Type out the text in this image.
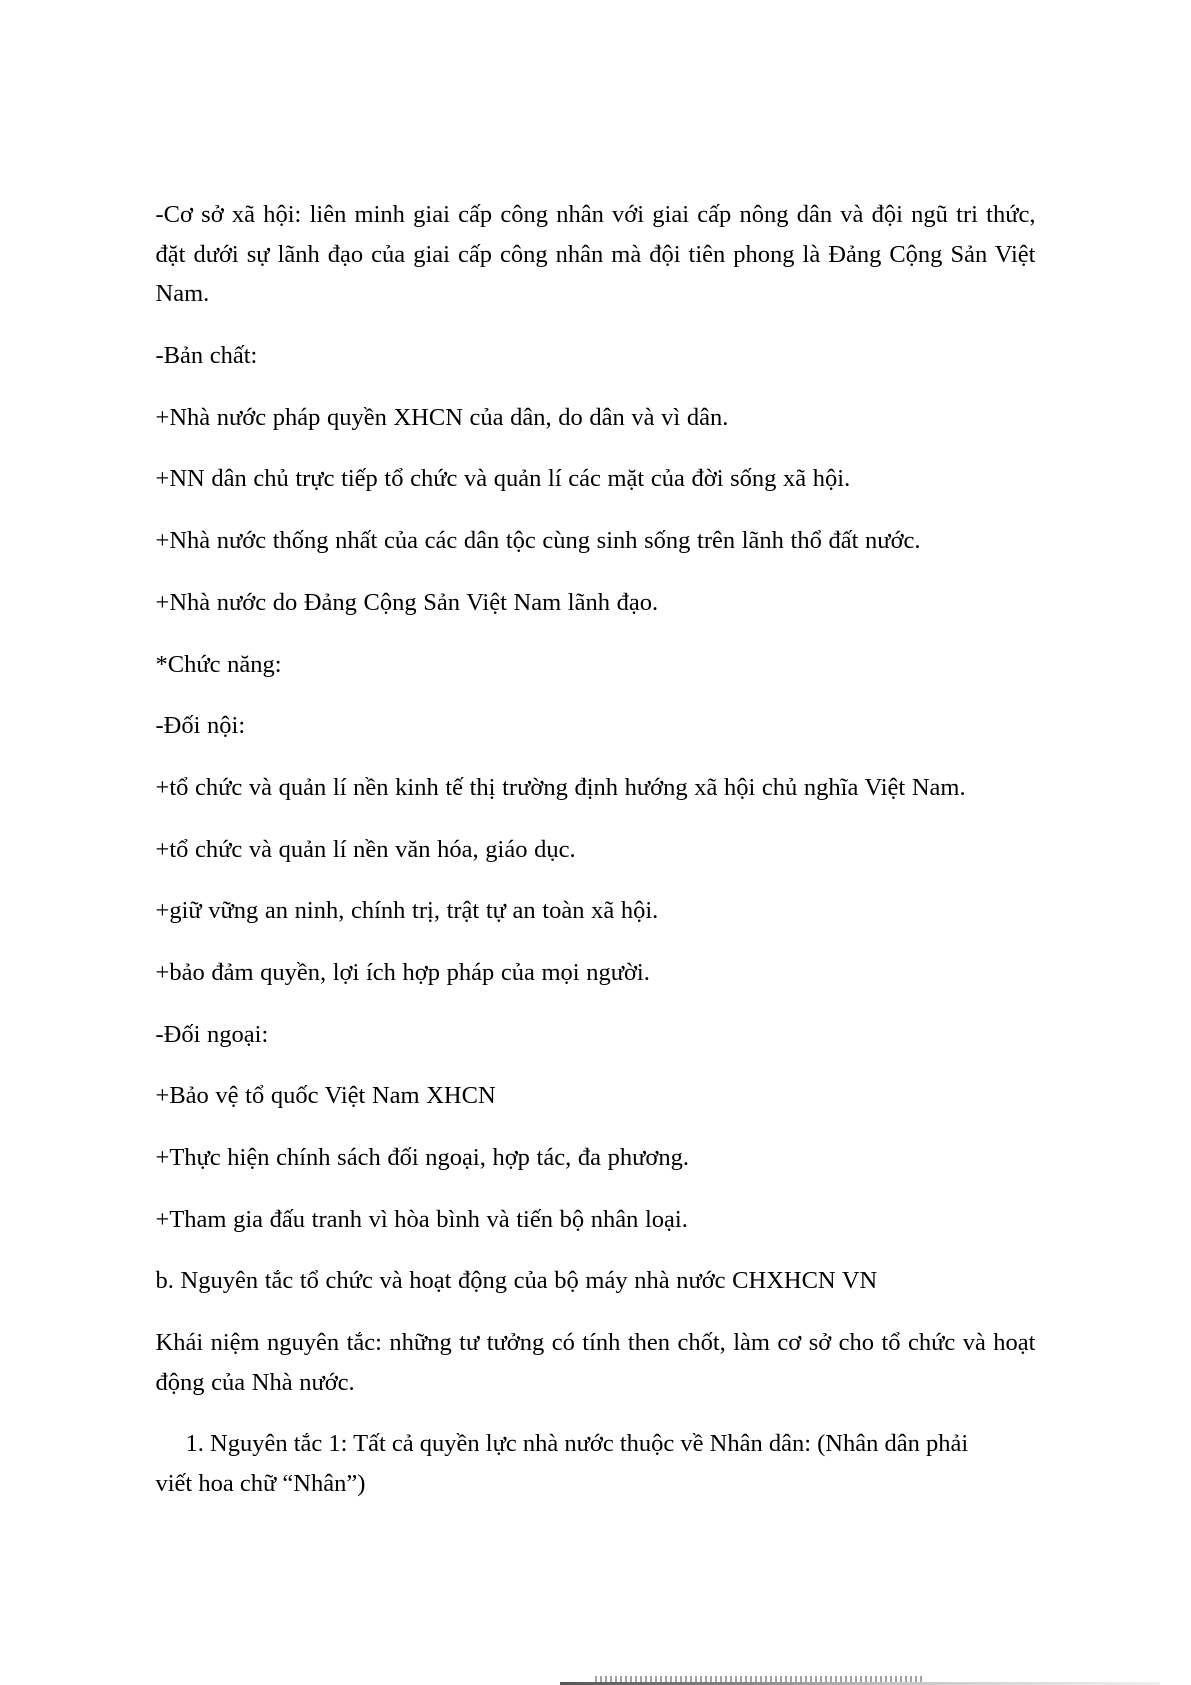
-Cơ sở xã hội: liên minh giai cấp công nhân với giai cấp nông dân và đội ngũ tri thức, đặt dưới sự lãnh đạo của giai cấp công nhân mà đội tiên phong là Đảng Cộng Sản Việt Nam.

-Bản chất:

+Nhà nước pháp quyền XHCN của dân, do dân và vì dân.

+NN dân chủ trực tiếp tổ chức và quản lí các mặt của đời sống xã hội.

+Nhà nước thống nhất của các dân tộc cùng sinh sống trên lãnh thổ đất nước.

+Nhà nước do Đảng Cộng Sản Việt Nam lãnh đạo.

*Chức năng:

-Đối nội:

+tổ chức và quản lí nền kinh tế thị trường định hướng xã hội chủ nghĩa Việt Nam.

+tổ chức và quản lí nền văn hóa, giáo dục.

+giữ vững an ninh, chính trị, trật tự an toàn xã hội.

+bảo đảm quyền, lợi ích hợp pháp của mọi người.

-Đối ngoại:

+Bảo vệ tổ quốc Việt Nam XHCN

+Thực hiện chính sách đối ngoại, hợp tác, đa phương.

+Tham gia đấu tranh vì hòa bình và tiến bộ nhân loại.

b. Nguyên tắc tổ chức và hoạt động của bộ máy nhà nước CHXHCN VN

Khái niệm nguyên tắc: những tư tưởng có tính then chốt, làm cơ sở cho tổ chức và hoạt động của Nhà nước.

1. Nguyên tắc 1: Tất cả quyền lực nhà nước thuộc về Nhân dân: (Nhân dân phải
viết hoa chữ “Nhân”)
